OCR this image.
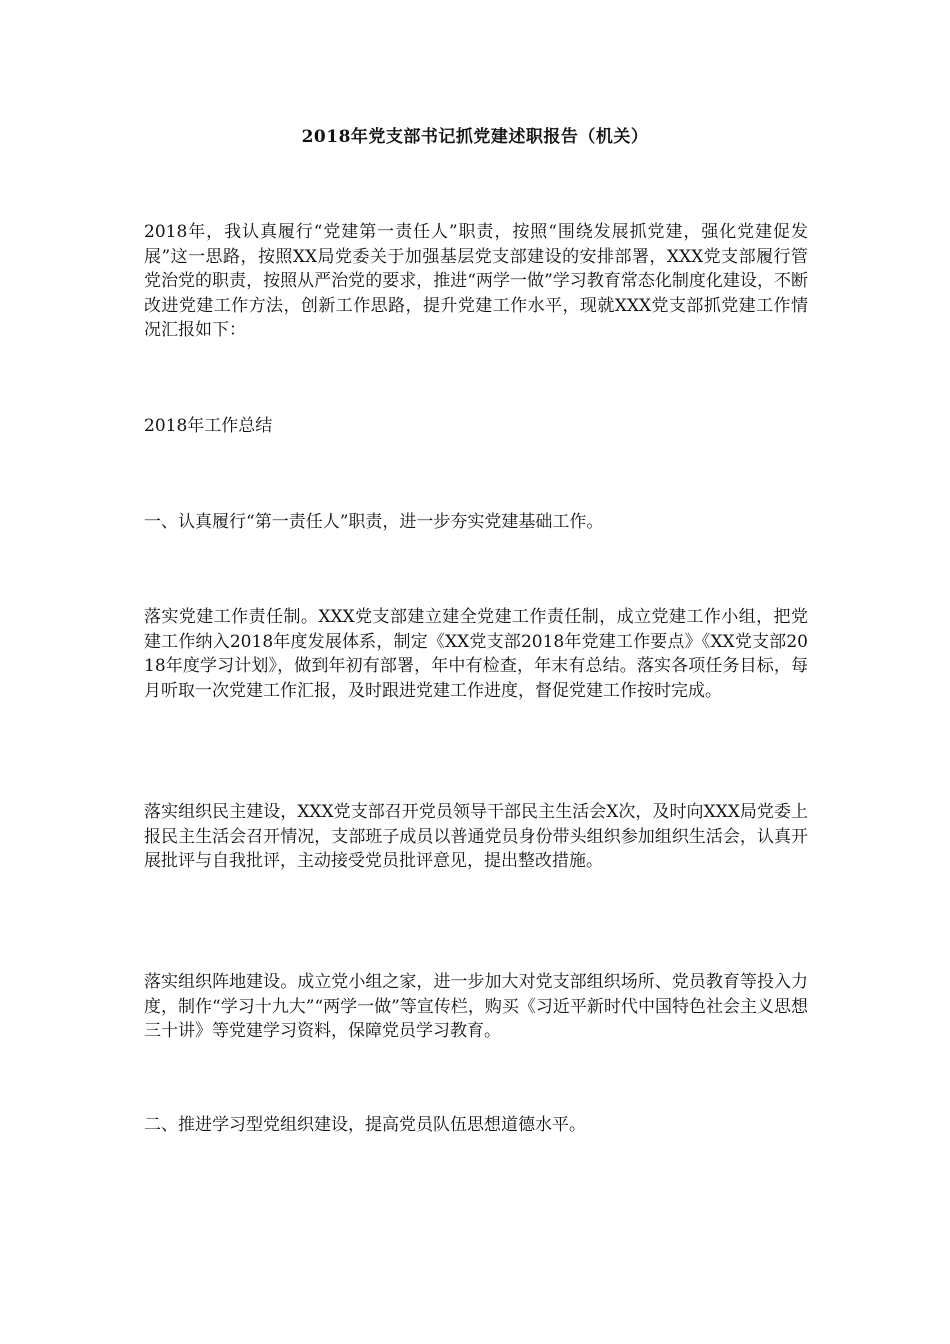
2018年党支部书记抓党建述职报告（机关）

2018年，我认真履行“党建第一责任人”职责，按照“围绕发展抓党建，强化党建促发展”这一思路，按照XX局党委关于加强基层党支部建设的安排部署，XXX党支部履行管党治党的职责，按照从严治党的要求，推进“两学一做”学习教育常态化制度化建设，不断改进党建工作方法，创新工作思路，提升党建工作水平，现就XXX党支部抓党建工作情况汇报如下：

2018年工作总结

一、认真履行“第一责任人”职责，进一步夯实党建基础工作。

落实党建工作责任制。XXX党支部建立建全党建工作责任制，成立党建工作小组，把党建工作纳入2018年度发展体系，制定《XX党支部2018年党建工作要点》《XX党支部2018年度学习计划》，做到年初有部署，年中有检查，年末有总结。落实各项任务目标，每月听取一次党建工作汇报，及时跟进党建工作进度，督促党建工作按时完成。

落实组织民主建设，XXX党支部召开党员领导干部民主生活会X次，及时向XXX局党委上报民主生活会召开情况，支部班子成员以普通党员身份带头组织参加组织生活会，认真开展批评与自我批评，主动接受党员批评意见，提出整改措施。

落实组织阵地建设。成立党小组之家，进一步加大对党支部组织场所、党员教育等投入力度，制作“学习十九大”“两学一做”等宣传栏，购买《习近平新时代中国特色社会主义思想三十讲》等党建学习资料，保障党员学习教育。

二、推进学习型党组织建设，提高党员队伍思想道德水平。
